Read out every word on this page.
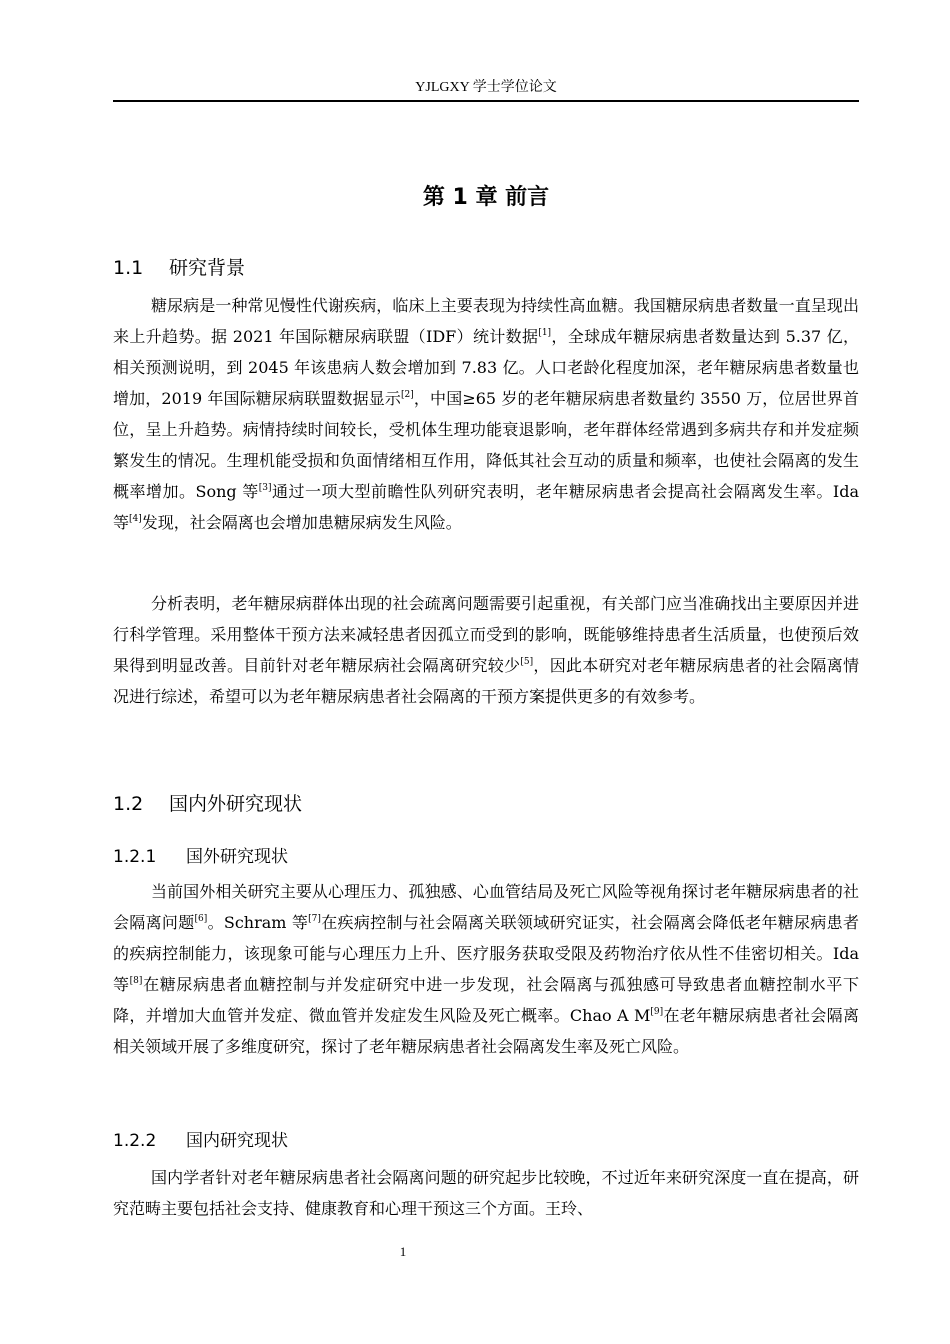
YJLGXY 学士学位论文
第 1 章 前言
1.1 研究背景

糖尿病是一种常见慢性代谢疾病，临床上主要表现为持续性高血糖。我国糖尿病患者数量一直呈现出来上升趋势。据 2021 年国际糖尿病联盟（IDF）统计数据[1]，全球成年糖尿病患者数量达到 5.37 亿，相关预测说明，到 2045 年该患病人数会增加到 7.83 亿。人口老龄化程度加深，老年糖尿病患者数量也增加，2019 年国际糖尿病联盟数据显示[2]，中国≥65 岁的老年糖尿病患者数量约 3550 万，位居世界首位，呈上升趋势。病情持续时间较长，受机体生理功能衰退影响，老年群体经常遇到多病共存和并发症频繁发生的情况。生理机能受损和负面情绪相互作用，降低其社会互动的质量和频率，也使社会隔离的发生概率增加。Song 等[3]通过一项大型前瞻性队列研究表明，老年糖尿病患者会提高社会隔离发生率。Ida 等[4]发现，社会隔离也会增加患糖尿病发生风险。

分析表明，老年糖尿病群体出现的社会疏离问题需要引起重视，有关部门应当准确找出主要原因并进行科学管理。采用整体干预方法来减轻患者因孤立而受到的影响，既能够维持患者生活质量，也使预后效果得到明显改善。目前针对老年糖尿病社会隔离研究较少[5]，因此本研究对老年糖尿病患者的社会隔离情况进行综述，希望可以为老年糖尿病患者社会隔离的干预方案提供更多的有效参考。

1.2 国内外研究现状
1.2.1 国外研究现状

当前国外相关研究主要从心理压力、孤独感、心血管结局及死亡风险等视角探讨老年糖尿病患者的社会隔离问题[6]。Schram 等[7]在疾病控制与社会隔离关联领域研究证实，社会隔离会降低老年糖尿病患者的疾病控制能力，该现象可能与心理压力上升、医疗服务获取受限及药物治疗依从性不佳密切相关。Ida 等[8]在糖尿病患者血糖控制与并发症研究中进一步发现，社会隔离与孤独感可导致患者血糖控制水平下降，并增加大血管并发症、微血管并发症发生风险及死亡概率。Chao A M[9]在老年糖尿病患者社会隔离相关领域开展了多维度研究，探讨了老年糖尿病患者社会隔离发生率及死亡风险。

1.2.2 国内研究现状

国内学者针对老年糖尿病患者社会隔离问题的研究起步比较晚，不过近年来研究深度一直在提高，研究范畴主要包括社会支持、健康教育和心理干预这三个方面。王玲、

1
